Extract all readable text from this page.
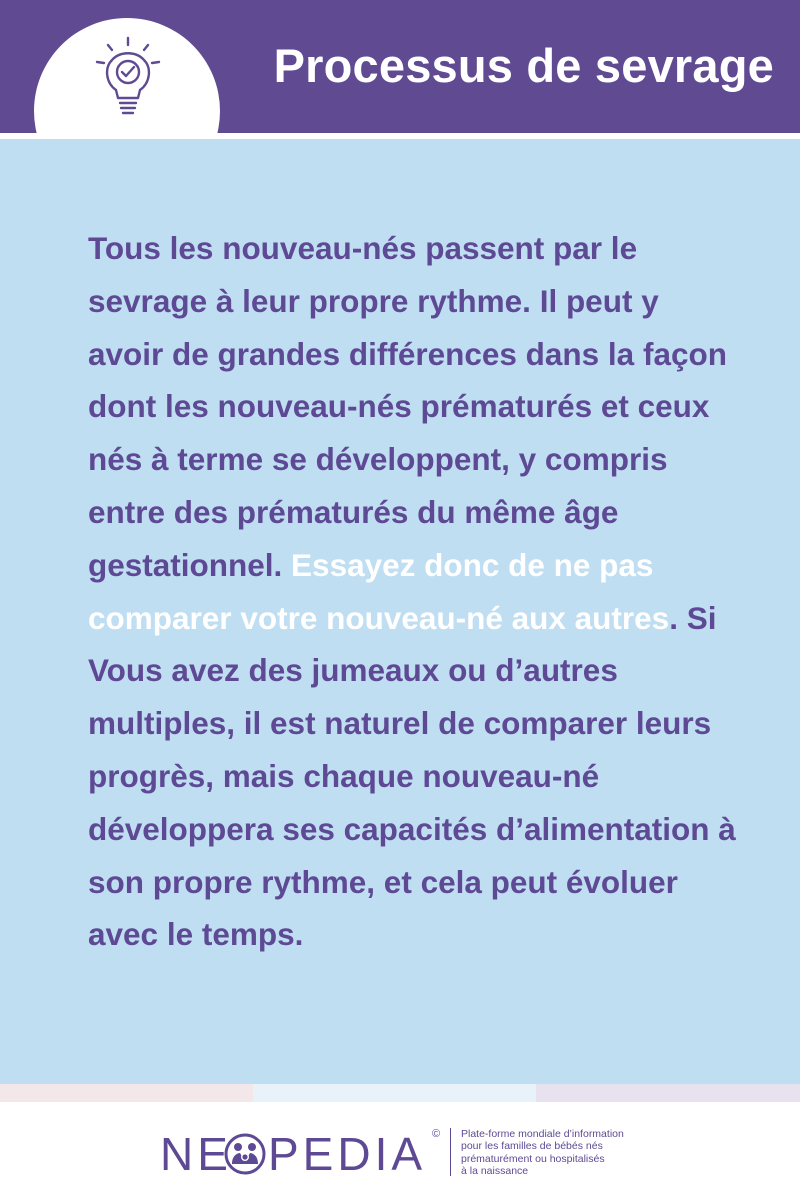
Processus de sevrage

Tous les nouveau-nés passent par le sevrage à leur propre rythme. Il peut y avoir de grandes différences dans la façon dont les nouveau-nés prématurés et ceux nés à terme se développent, y compris entre des prématurés du même âge gestationnel. Essayez donc de ne pas comparer votre nouveau-né aux autres. Si Vous avez des jumeaux ou d’autres multiples, il est naturel de comparer leurs progrès, mais chaque nouveau-né développera ses capacités d’alimentation à son propre rythme, et cela peut évoluer avec le temps.

NE PEDIA © Plate-forme mondiale d’information
pour les familles de bébés nés
prématurément ou hospitalisés
à la naissance
